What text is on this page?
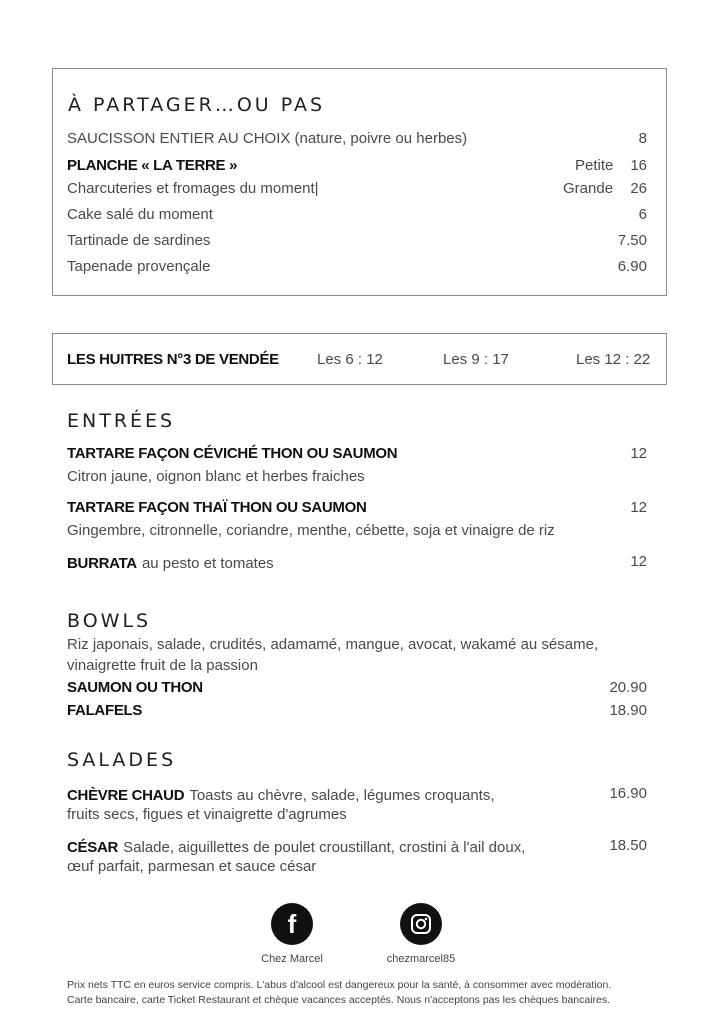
À PARTAGER…OU PAS
SAUCISSON ENTIER AU CHOIX (nature, poivre ou herbes)	8
PLANCHE « LA TERRE »	Petite 16
Charcuteries et fromages du moment|	Grande 26
Cake salé du moment	6
Tartinade de sardines	7.50
Tapenade provençale	6.90
LES HUITRES N°3 DE VENDÉE	Les 6 : 12	Les 9 : 17	Les 12 : 22
ENTRÉES
TARTARE FAÇON CÉVICHÉ THON OU SAUMON	12
Citron jaune, oignon blanc et herbes fraiches
TARTARE FAÇON THAÏ THON OU SAUMON	12
Gingembre, citronnelle, coriandre, menthe, cébette, soja et vinaigre de riz
BURRATA au pesto et tomates	12
BOWLS
Riz japonais, salade, crudités, adamamé, mangue, avocat, wakamé au sésame,
vinaigrette fruit de la passion
SAUMON OU THON	20.90
FALAFELS	18.90
SALADES
CHÈVRE CHAUD Toasts au chèvre, salade, légumes croquants,	16.90
fruits secs, figues et vinaigrette d'agrumes
CÉSAR Salade, aiguillettes de poulet croustillant, crostini à l'ail doux,	18.50
œuf parfait, parmesan et sauce césar
f
Chez Marcel	chezmarcel85
Prix nets TTC en euros service compris. L'abus d'alcool est dangereux pour la santé, à consommer avec modération.
Carte bancaire, carte Ticket Restaurant et chèque vacances acceptés. Nous n'acceptons pas les chèques bancaires.
